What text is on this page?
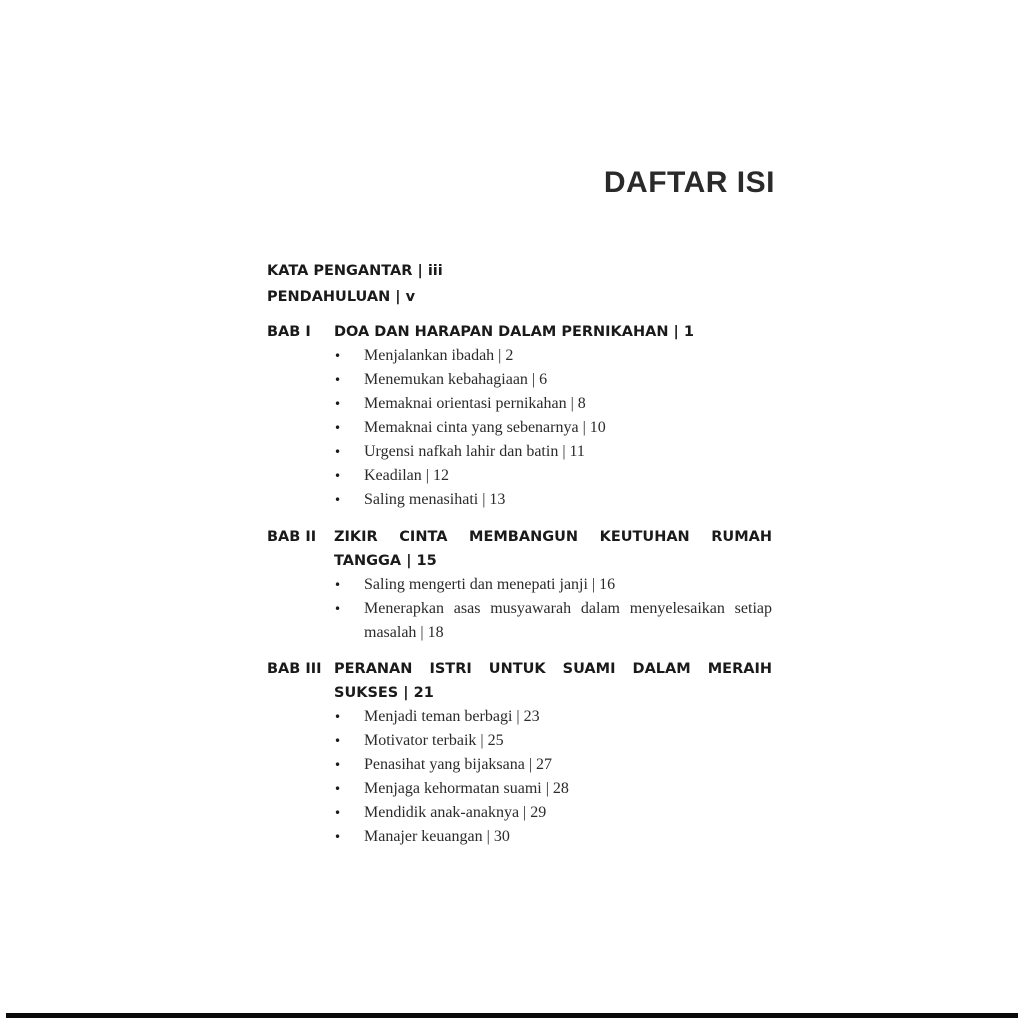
DAFTAR ISI
KATA PENGANTAR | iii
PENDAHULUAN | v
BAB I	DOA DAN HARAPAN DALAM PERNIKAHAN | 1
•	Menjalankan ibadah | 2
•	Menemukan kebahagiaan | 6
•	Memaknai orientasi pernikahan | 8
•	Memaknai cinta yang sebenarnya | 10
•	Urgensi nafkah lahir dan batin | 11
•	Keadilan | 12
•	Saling menasihati | 13
BAB II	ZIKIR CINTA MEMBANGUN KEUTUHAN RUMAH TANGGA | 15
•	Saling mengerti dan menepati janji | 16
•	Menerapkan asas musyawarah dalam menyelesaikan setiap masalah | 18
BAB III PERANAN ISTRI UNTUK SUAMI DALAM MERAIH SUKSES | 21
•	Menjadi teman berbagi | 23
•	Motivator terbaik | 25
•	Penasihat yang bijaksana | 27
•	Menjaga kehormatan suami | 28
•	Mendidik anak-anaknya | 29
•	Manajer keuangan | 30
